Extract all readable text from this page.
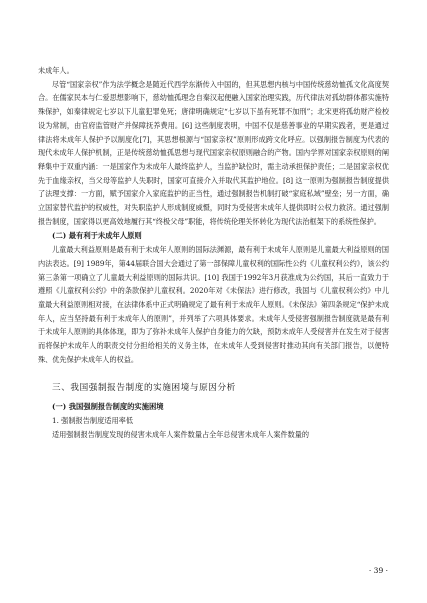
未成年人。

尽管“国家亲权”作为法学概念是随近代西学东渐传入中国的，但其思想内核与中国传统慈幼恤孤文化高度契合。在儒家民本与仁爱思想影响下，慈幼恤孤理念自秦汉起便融入国家治理实践，历代律法对孤幼群体都实施特殊保护，如秦律规定七岁以下儿童犯罪免死；唐律明确规定“七岁以下虽有死罪不加刑”；北宋更将孤幼财产检校设为常制，由官府监管财产并保障抚养费用。[6] 这些制度表明，中国不仅是慈善事业的早期实践者，更是通过律法将未成年人保护予以制度化[7]，其思想根源与“国家亲权”原则形成跨文化呼应。以强制报告制度为代表的现代未成年人保护机制，正是传统慈幼恤孤思想与现代国家亲权原则融合的产物。国内学界对国家亲权原则的阐释集中于双重内涵：一是国家作为未成年人最终监护人，当监护缺位时，需主动承担保护责任；二是国家亲权优先于血缘亲权，当父母等监护人失职时，国家可直接介入并取代其监护地位。[8] 这一原则为强制报告制度提供了法理支撑：一方面，赋予国家介入家庭监护的正当性，通过强制报告机制打破“家庭私域”壁垒；另一方面，确立国家替代监护的权威性，对失职监护人形成制度威慑，同时为受侵害未成年人提供即时公权力救济。通过强制报告制度，国家得以更高效地履行其“终极父母”职能，将传统伦理关怀转化为现代法治框架下的系统性保护。

(二) 最有利于未成年人原则

儿童最大利益原则是最有利于未成年人原则的国际法渊源，最有利于未成年人原则是儿童最大利益原则的国内法表达。[9] 1989年，第44届联合国大会通过了第一部保障儿童权利的国际性公约《儿童权利公约》，该公约第三条第一项确立了儿童最大利益原则的国际共识。[10] 我国于1992年3月获准成为公约国，其后一直致力于遵照《儿童权利公约》中的条款保护儿童权利。2020年对《未保法》进行修改，我国与《儿童权利公约》中儿童最大利益原则相对接，在法律体系中正式明确规定了最有利于未成年人原则。《未保法》第四条规定“保护未成年人，应当坚持最有利于未成年人的原则”，并列举了六项具体要求。未成年人受侵害强制报告制度就是最有利于未成年人原则的具体体现，即为了弥补未成年人保护自身能力的欠缺，预防未成年人受侵害并在发生对于侵害而将保护未成年人的职责交付分担给相关的义务主体，在未成年人受到侵害时推动其向有关部门报告，以便特殊、优先保护未成年人的权益。

三、我国强制报告制度的实施困境与原因分析

(一) 我国强制报告制度的实施困境

1. 强制报告制度适用率低

适用强制报告制度发现的侵害未成年人案件数量占全年总侵害未成年人案件数量的

· 39 ·
